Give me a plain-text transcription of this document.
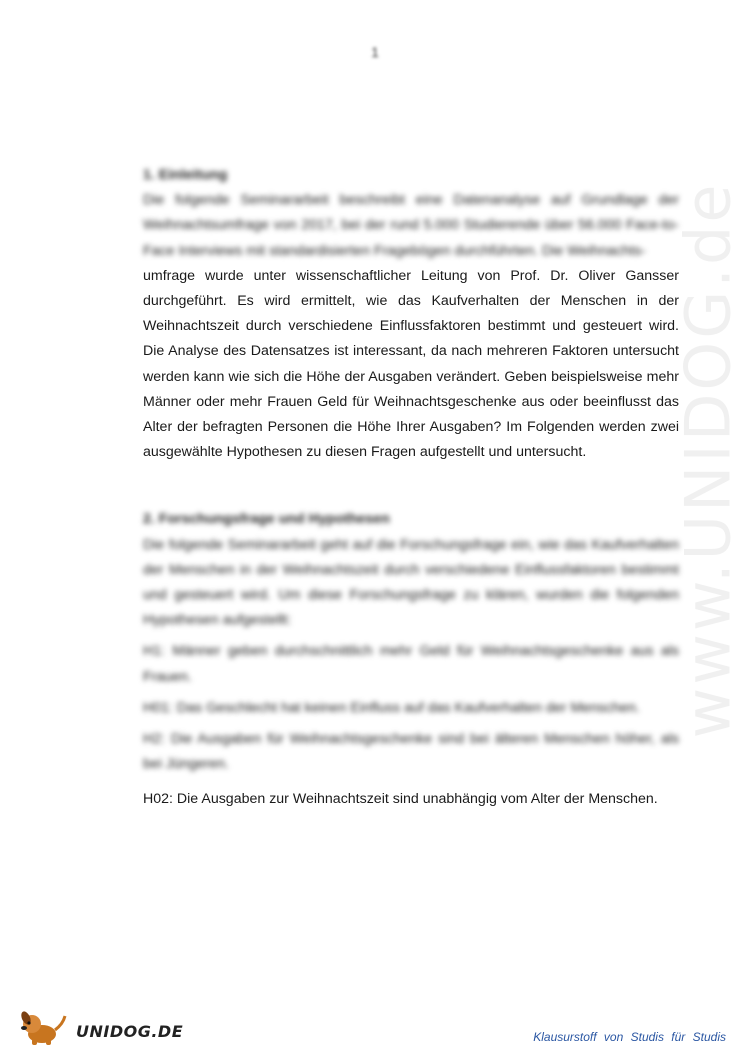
1
www.UNIDOG.de
1. Einleitung

Die folgende Seminararbeit beschreibt eine Datenanalyse auf Grundlage der Weihnachtsumfrage von 2017, bei der rund 5.000 Studierende über 56.000 Face-to-Face Interviews mit standardisierten Fragebögen durchführten. Die Weihnachts-

umfrage wurde unter wissenschaftlicher Leitung von Prof. Dr. Oliver Gansser durchgeführt. Es wird ermittelt, wie das Kaufverhalten der Menschen in der Weihnachtszeit durch verschiedene Einflussfaktoren bestimmt und gesteuert wird. Die Analyse des Datensatzes ist interessant, da nach mehreren Faktoren untersucht werden kann wie sich die Höhe der Ausgaben verändert. Geben beispielsweise mehr Männer oder mehr Frauen Geld für Weihnachtsgeschenke aus oder beeinflusst das Alter der befragten Personen die Höhe Ihrer Ausgaben? Im Folgenden werden zwei ausgewählte Hypothesen zu diesen Fragen aufgestellt und untersucht.

2. Forschungsfrage und Hypothesen

Die folgende Seminararbeit geht auf die Forschungsfrage ein, wie das Kaufverhalten der Menschen in der Weihnachtszeit durch verschiedene Einflussfaktoren bestimmt und gesteuert wird. Um diese Forschungsfrage zu klären, wurden die folgenden Hypothesen aufgestellt:

H1: Männer geben durchschnittlich mehr Geld für Weihnachtsgeschenke aus als Frauen.

H01: Das Geschlecht hat keinen Einfluss auf das Kaufverhalten der Menschen.

H2: Die Ausgaben für Weihnachtsgeschenke sind bei älteren Menschen höher, als bei Jüngeren.

H02: Die Ausgaben zur Weihnachtszeit sind unabhängig vom Alter der Menschen.

UNIDOG.DE	Klausurstoff von Studis für Studis
